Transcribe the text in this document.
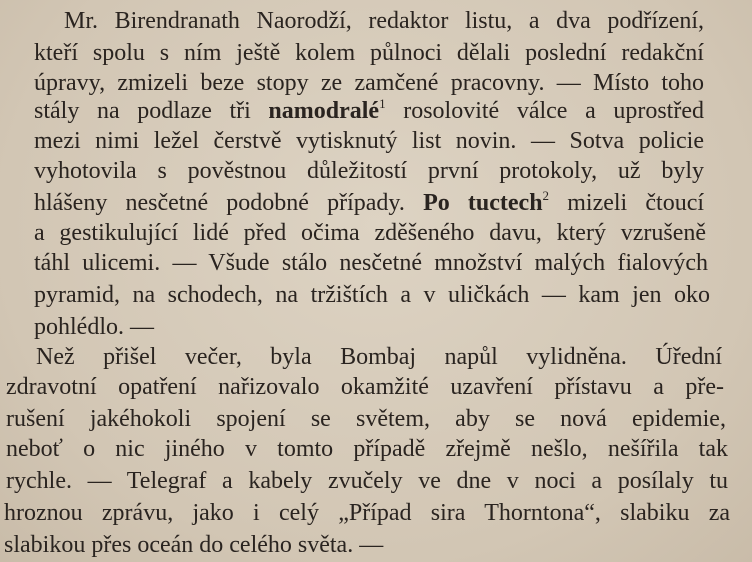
Mr. Birendranath Naorodží, redaktor listu, a dva podřízení,
kteří spolu s ním ještě kolem půlnoci dělali poslední redakční
úpravy, zmizeli beze stopy ze zamčené pracovny. — Místo toho
stály na podlaze tři namodralé$^1$ rosolovité válce a uprostřed
mezi nimi ležel čerstvě vytisknutý list novin. — Sotva policie
vyhotovila s pověstnou důležitostí první protokoly, už byly
hlášeny nesčetné podobné případy. Po tuctech$^2$ mizeli čtoucí
a gestikulující lidé před očima zděšeného davu, který vzrušeně
táhl ulicemi. — Všude stálo nesčetné množství malých fialových
pyramid, na schodech, na tržištích a v uličkách — kam jen oko
pohlédlo. —
Než přišel večer, byla Bombaj napůl vylidněna. Úřední
zdravotní opatření nařizovalo okamžité uzavření přístavu a pře-
rušení jakéhokoli spojení se světem, aby se nová epidemie,
neboť o nic jiného v tomto případě zřejmě nešlo, nešířila tak
rychle. — Telegraf a kabely zvučely ve dne v noci a posílaly tu
hroznou zprávu, jako i celý „Případ sira Thorntona“, slabiku za
slabikou přes oceán do celého světa. —
